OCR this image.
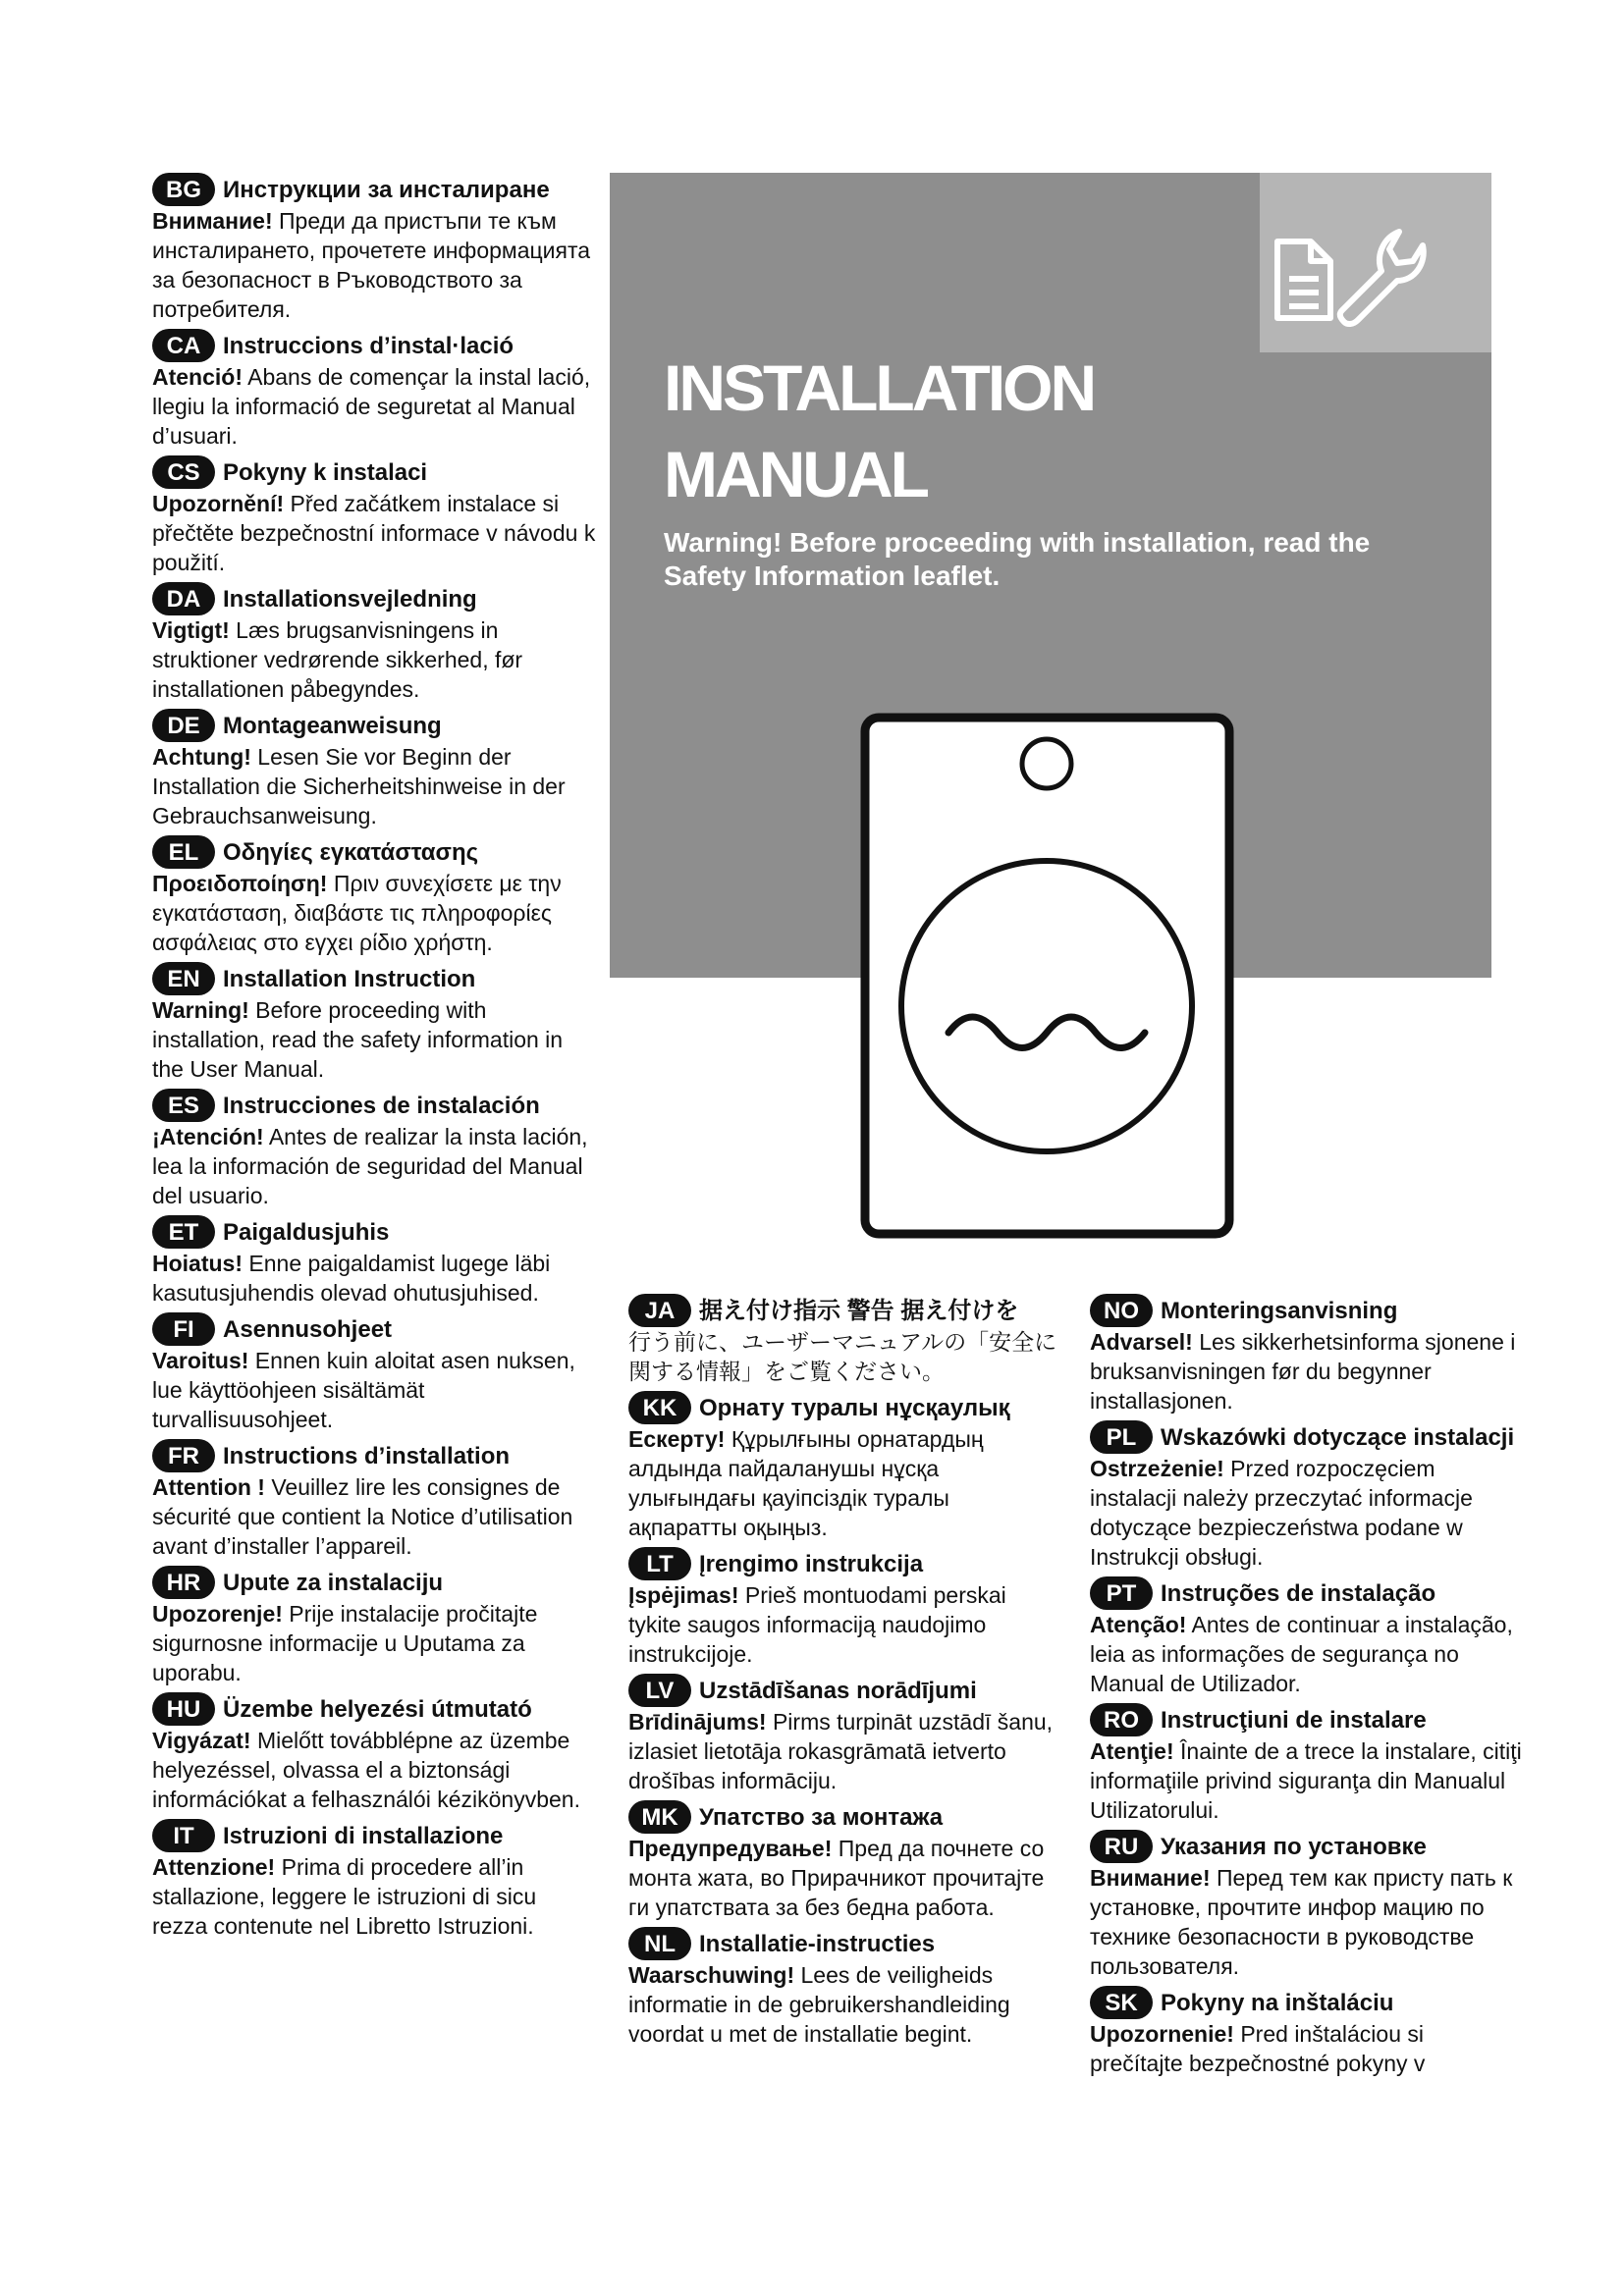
INSTALLATION
MANUAL
Warning! Before proceeding with installation, read the Safety Information leaflet.
BG Инструкции за инсталиране
Внимание! Преди да пристъпи те към инсталирането, прочетете информацията за безопасност в Ръководството за потребителя.
CA Instruccions d’instal·lació
Atenció! Abans de començar la instal lació, llegiu la informació de seguretat al Manual d’usuari.
CS Pokyny k instalaci
Upozornění! Před začátkem instalace si přečtěte bezpečnostní informace v návodu k použití.
DA Installationsvejledning
Vigtigt! Læs brugsanvisningens in struktioner vedrørende sikkerhed, før installationen påbegyndes.
DE Montageanweisung
Achtung! Lesen Sie vor Beginn der Installation die Sicherheitshinweise in der Gebrauchsanweisung.
EL	Οδηγίες εγκατάστασης
Προειδοποίηση! Πριν συνεχίσετε με την εγκατάσταση, διαβάστε τις πληροφορίες ασφάλειας στο εγχει ρίδιο χρήστη.
EN Installation Instruction
Warning! Before proceeding with installation, read the safety information in the User Manual.
ES	Instrucciones de instalación
¡Atención! Antes de realizar la insta lación, lea la información de seguridad del Manual del usuario.
ET	Paigaldusjuhis
Hoiatus! Enne paigaldamist lugege läbi kasutusjuhendis olevad ohutusjuhised.
FI	Asennusohjeet
Varoitus! Ennen kuin aloitat asen nuksen, lue käyttöohjeen sisältämät turvallisuusohjeet.
FR	Instructions d’installation
Attention ! Veuillez lire les consignes de sécurité que contient la Notice d’utilisation avant d’installer l’appareil.
HR Upute za instalaciju
Upozorenje! Prije instalacije pročitajte sigurnosne informacije u Uputama za uporabu.
HU Üzembe helyezési útmutató
Vigyázat! Mielőtt továbblépne az üzembe helyezéssel, olvassa el a biztonsági információkat a felhasználói kézikönyvben.
IT	Istruzioni di installazione
Attenzione! Prima di procedere all’in stallazione, leggere le istruzioni di sicu rezza contenute nel Libretto Istruzioni.
JA	据え付け指示 警告 据え付けを
行う前に、ユーザーマニュアルの「安全に関する情報」をご覧ください。
KK Орнату туралы нұсқаулық
Ескерту! Құрылғыны орнатардың алдында пайдаланушы нұсқа улығындағы қауіпсіздік туралы ақпаратты оқыңыз.
LT	Įrengimo instrukcija
Įspėjimas! Prieš montuodami perskai tykite saugos informaciją naudojimo instrukcijoje.
LV	Uzstādīšanas norādījumi
Brīdinājums! Pirms turpināt uzstādī šanu, izlasiet lietotāja rokasgrāmatā ietverto drošības informāciju.
MK Упатство за монтажа
Предупредување! Пред да почнете со монта жата, во Прирачникот прочитајте ги упатствата за без бедна работа.
NL	Installatie-instructies
Waarschuwing! Lees de veiligheids informatie in de gebruikershandleiding voordat u met de installatie begint.
NO Monteringsanvisning
Advarsel! Les sikkerhetsinforma sjonene i bruksanvisningen før du begynner installasjonen.
PL	Wskazówki dotyczące instalacji
Ostrzeżenie! Przed rozpoczęciem instalacji należy przeczytać informacje dotyczące bezpieczeństwa podane w Instrukcji obsługi.
PT	Instruções de instalação
Atenção! Antes de continuar a instalação, leia as informações de segurança no Manual de Utilizador.
RO Instrucţiuni de instalare
Atenţie! Înainte de a trece la instalare, citiţi informaţiile privind siguranţa din Manualul Utilizatorului.
RU Указания по установке
Внимание! Перед тем как присту пать к установке, прочтите инфор мацию по технике безопасности в руководстве пользователя.
SK Pokyny na inštaláciu
Upozornenie! Pred inštaláciou si prečítajte bezpečnostné pokyny v
